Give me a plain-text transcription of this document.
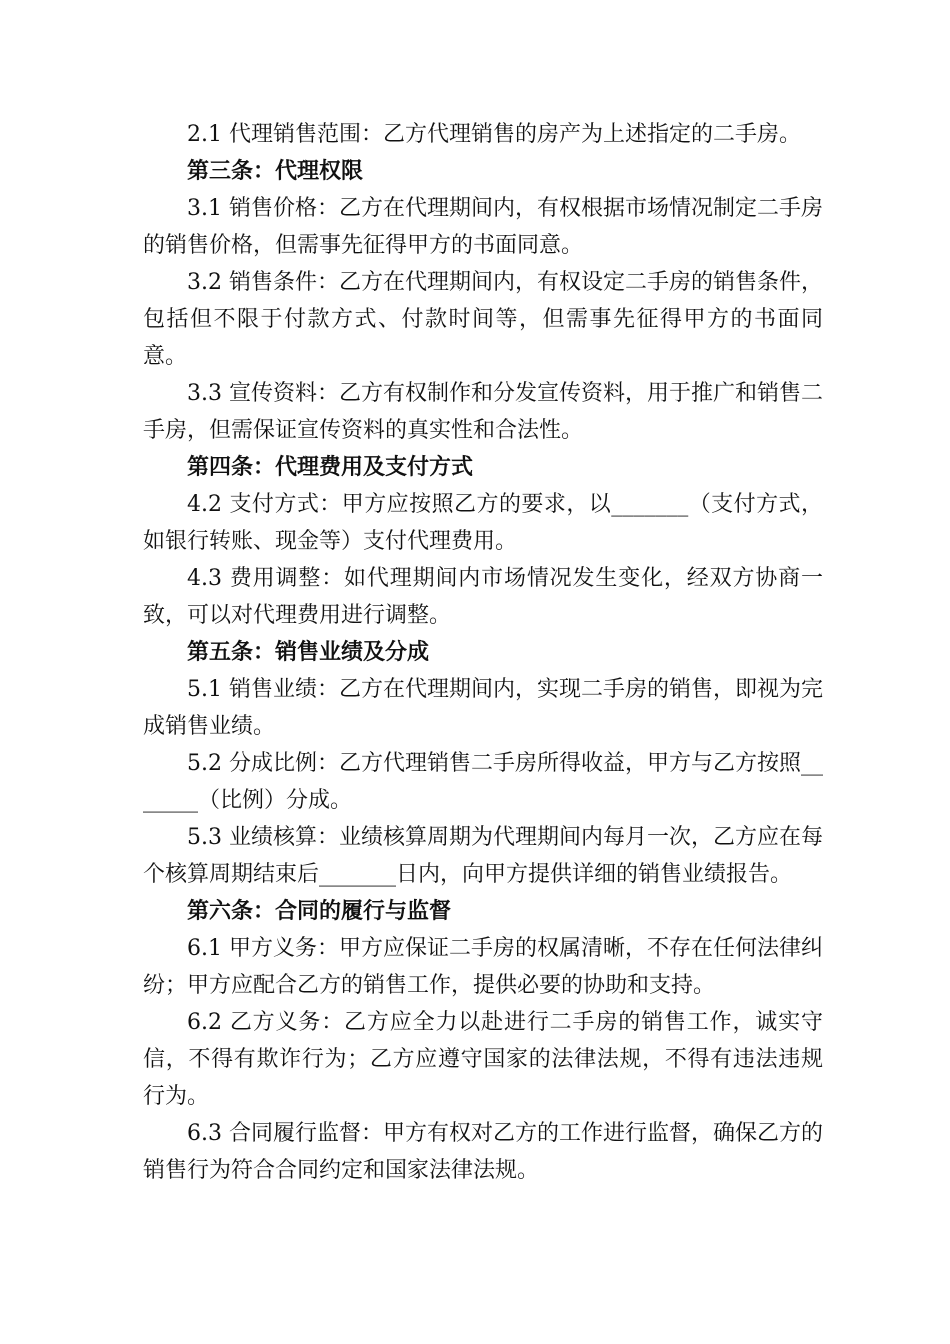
2.1 代理销售范围：乙方代理销售的房产为上述指定的二手房。

第三条：代理权限

3.1 销售价格：乙方在代理期间内，有权根据市场情况制定二手房的销售价格，但需事先征得甲方的书面同意。

3.2 销售条件：乙方在代理期间内，有权设定二手房的销售条件，包括但不限于付款方式、付款时间等，但需事先征得甲方的书面同意。

3.3 宣传资料：乙方有权制作和分发宣传资料，用于推广和销售二手房，但需保证宣传资料的真实性和合法性。

第四条：代理费用及支付方式

4.2 支付方式：甲方应按照乙方的要求，以_______（支付方式，如银行转账、现金等）支付代理费用。

4.3 费用调整：如代理期间内市场情况发生变化，经双方协商一致，可以对代理费用进行调整。

第五条：销售业绩及分成

5.1 销售业绩：乙方在代理期间内，实现二手房的销售，即视为完成销售业绩。

5.2 分成比例：乙方代理销售二手房所得收益，甲方与乙方按照_______（比例）分成。

5.3 业绩核算：业绩核算周期为代理期间内每月一次，乙方应在每个核算周期结束后_______日内，向甲方提供详细的销售业绩报告。

第六条：合同的履行与监督

6.1 甲方义务：甲方应保证二手房的权属清晰，不存在任何法律纠纷；甲方应配合乙方的销售工作，提供必要的协助和支持。

6.2 乙方义务：乙方应全力以赴进行二手房的销售工作，诚实守信，不得有欺诈行为；乙方应遵守国家的法律法规，不得有违法违规行为。

6.3 合同履行监督：甲方有权对乙方的工作进行监督，确保乙方的销售行为符合合同约定和国家法律法规。
